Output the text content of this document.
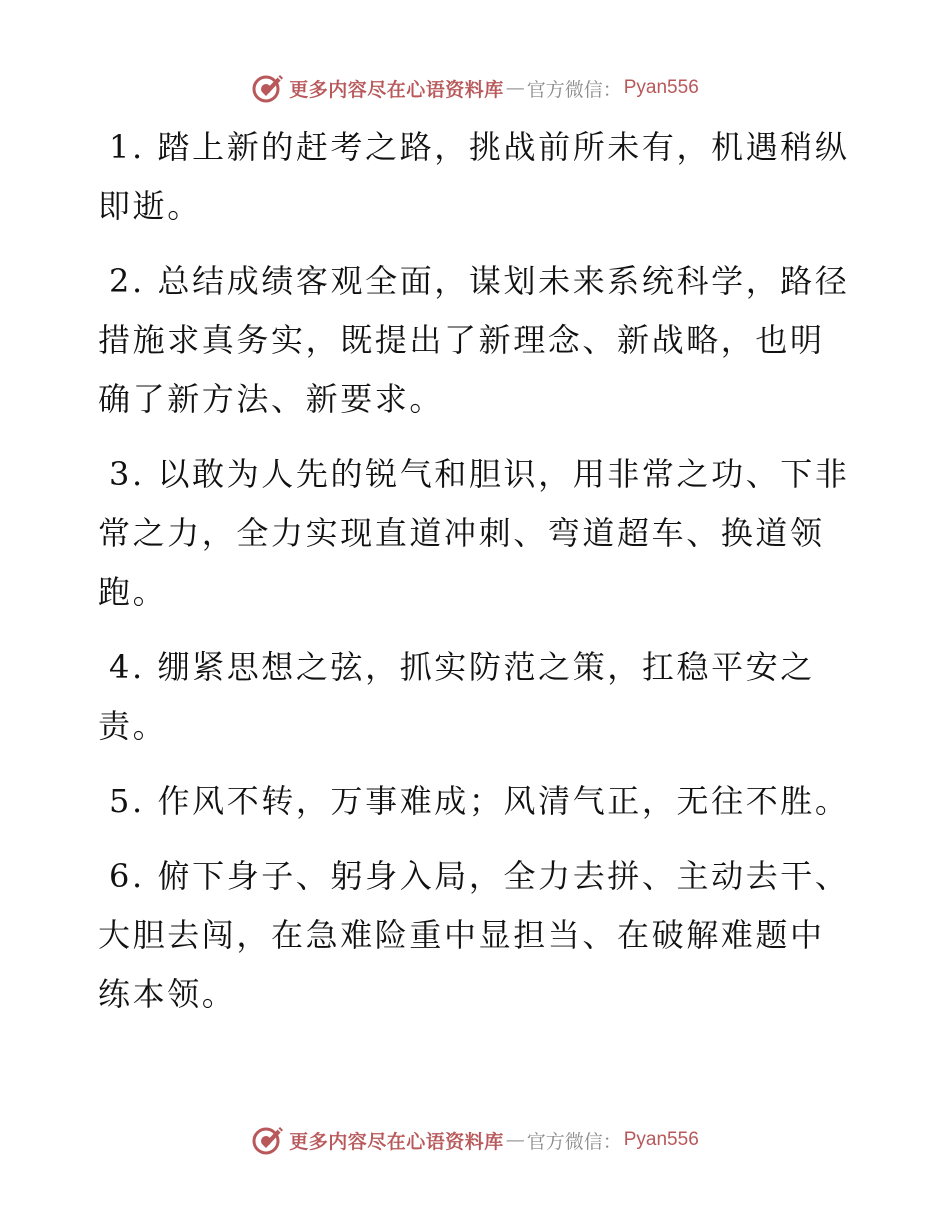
更多内容尽在心语资料库 — 官方微信： Pyan556

1. 踏上新的赶考之路，挑战前所未有，机遇稍纵即逝。

2. 总结成绩客观全面，谋划未来系统科学，路径措施求真务实，既提出了新理念、新战略，也明确了新方法、新要求。

3. 以敢为人先的锐气和胆识，用非常之功、下非常之力，全力实现直道冲刺、弯道超车、换道领跑。

4. 绷紧思想之弦，抓实防范之策，扛稳平安之责。

5. 作风不转，万事难成；风清气正，无往不胜。

6. 俯下身子、躬身入局，全力去拼、主动去干、大胆去闯，在急难险重中显担当、在破解难题中练本领。

更多内容尽在心语资料库 — 官方微信： Pyan556
